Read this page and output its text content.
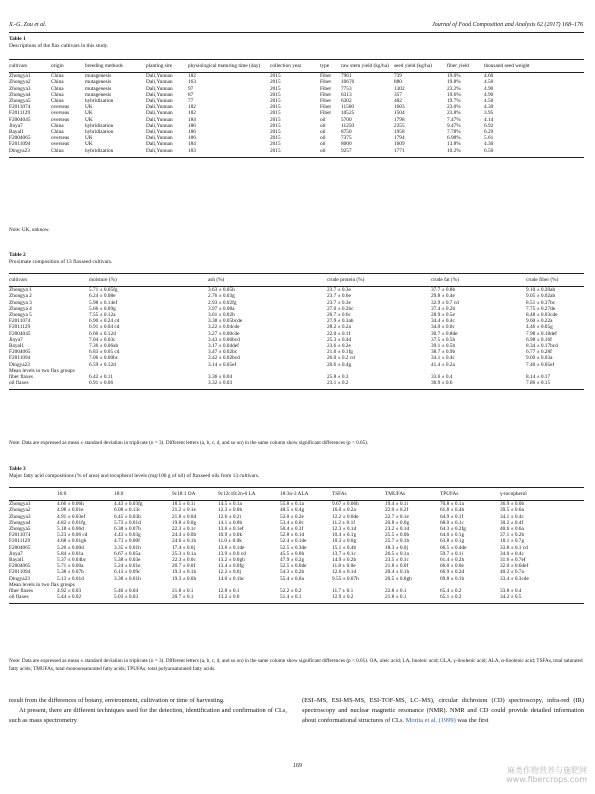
X.-G. Zou et al.	Journal of Food Composition and Analysis 62 (2017) 168–176
Table 1
Descriptions of the flax cultivars in this study.
cultivars	origin	breeding methods	planting site	physiological maturing time (day)	collection year	type	raw stem yield (kg/ha)	seed yield (kg/ha)	fiber yield	thousand seed weight
Zhongya1	China	mutagenesis	Dali,Yunnan	182	2015	Fiber	7961	739	19.0%	4.60
Zhongya2	China	mutagenesis	Dali,Yunnan	163	2015	Fiber	10670	880	19.8%	4.50
Zhongya3	China	mutagenesis	Dali,Yunnan	97	2015	Fiber	7753	1302	23.2%	4.90
Zhongya4	China	mutagenesis	Dali,Yunnan	87	2015	Fiber	6313	357	19.6%	4.90
Zhongya5	China	hybridization	Dali,Yunnan	77	2015	Fiber	6302	482	19.7%	4.50
F2011074	overseas	UK	Dali,Yunnan	182	2015	Fiber	11500	1603	23.0%	4.30
F2011129	overseas	UK	Dali,Yunnan	182	2015	Fiber	10525	1504	23.8%	3.95
F2004045	overseas	UK	Dali,Yunnan	184	2015	oil	5700	1798	7.47%	4.14
Jinya7	China	hybridization	Dali,Yunnan	186	2015	oil	11250	2355	9.47%	6.92
Bayal1	China	hybridization	Dali,Yunnan	186	2015	oil	8750	1958	7.78%	6.29
F2004065	overseas	UK	Dali,Yunnan	186	2015	oil	7375	1794	6.98%	5.61
F2011094	overseas	UK	Dali,Yunnan	184	2015	oil	8000	1609	13.8%	4.30
Dingya23	China	hybridization	Dali,Yunnan	183	2015	oil	9257	1771	10.2%	6.50

Note: UK, unknow.
Table 2
Proximate composition of 13 flaxseed cultivars.
cultivars	moisture (%)	ash (%)	crude protein (%)	crude fat (%)	crude fiber (%)
Zhongya 1	5.71 ± 0.05fg	3.63 ± 0.05b	23.7 ± 0.3e	37.7 ± 0.8b	9.10 ± 0.20ab
Zhongya 2	6.24 ± 0.08e	2.76 ± 0.03g	23.7 ± 0.6e	29.8 ± 0.4e	9.05 ± 0.02ab
Zhongya 3	5.98 ± 0.14ef	2.93 ± 0.02fg	23.7 ± 0.3e	32.9 ± 0.7 cd	8.51 ± 0.37bc
Zhongya 4	5.66 ± 0.09g	3.97 ± 0.08a	27.0 ± 0.2bc	37.4 ± 0.2b	7.75 ± 0.27de
Zhongya 5	7.55 ± 0.12a	3.61 ± 0.02b	26.7 ± 0.6c	28.9 ± 0.5e	8.48 ± 0.03cde
F2011074	6.90 ± 0.24 cd	3.38 ± 0.05bcde	27.9 ± 0.3ab	34.4 ± 0.4c	9.60 ± 0.22a
F2011129	6.91 ± 0.04 cd	3.22 ± 0.04cde	28.2 ± 0.2a	34.0 ± 0.0c	4.46 ± 0.05g
F2004045	6.60 ± 0.12d	3.27 ± 0.00cde	22.0 ± 0.1f	30.7 ± 0.8de	7.98 ± 0.18def
Jinya7	7.04 ± 0.03c	3.43 ± 0.06bcd	25.3 ± 0.4d	37.5 ± 0.5b	6.98 ± 0.16f
Bayal1	7.36 ± 0.06ab	3.17 ± 0.04def	23.6 ± 0.2e	39.1 ± 0.5b	8.34 ± 0.17bcd
F2004065	6.83 ± 0.05 cd	3.47 ± 0.02bc	21.0 ± 0.1fg	38.7 ± 0.9b	6.77 ± 0.28f
F2011094	7.06 ± 0.00bc	3.42 ± 0.02bcd	26.0 ± 0.2 cd	34.1 ± 0.4c	9.69 ± 0.03a
Dingya23	6.59 ± 0.12d	3.14 ± 0.05ef	20.6 ± 0.4g	41.4 ± 0.2a	7.40 ± 0.05ef
Mean levels in two flax groups					
fiber flaxes	6.42 ± 0.11	3.36 ± 0.04	25.8 ± 0.3	33.6 ± 0.4	8.14 ± 0.17
oil flaxes	6.91 ± 0.06	3.32 ± 0.03	23.1 ± 0.2	36.9 ± 0.6	7.86 ± 0.15

Note: Data are expressed as mean ± standard deviation in triplicate (n = 3). Different letters (a, b, c, d, and so on) in the same column show significant differences (p < 0.05).
Table 3
Major fatty acid compositions (% of area) and tocopherol levels (mg/100 g of oil) of flaxseed oils from 13 cultivars.
	16:0	18:0	9c18:1 OA	9c12c18:2n-6 LA	18:3n-3 ALA	TSFAs	TMUFAs	TPUFAs	γ-tocopherol
Zhongya1	4.66 ± 0.06h	4.43 ± 0.03fg	18.5 ± 0.1i	14.5 ± 0.1a	55.8 ± 0.1a	9.67 ± 0.06h	19.4 ± 0.1i	70.8 ± 0.1a	36.9 ± 0.0b
Zhongya2	4.98 ± 0.01e	6.08 ± 0.13c	21.2 ± 0.1e	12.3 ± 0.0h	48.5 ± 0.4g	16.0 ± 0.2a	22.0 ± 0.2f	61.8 ± 0.4h	39.5 ± 0.6a
Zhongya3	4.91 ± 0.03ef	6.45 ± 0.03b	21.8 ± 0.0d	12.6 ± 0.2i	52.0 ± 0.2e	12.2 ± 0.0de	22.7 ± 0.1e	64.9 ± 0.1f	34.1 ± 0.4c
Zhongya4	4.82 ± 0.01fg	5.73 ± 0.01d	19.8 ± 0.0g	14.1 ± 0.0b	53.4 ± 0.0c	11.2 ± 0.1f	20.8 ± 0.0g	68.0 ± 0.1c	30.2 ± 0.4f
Zhongya5	5.18 ± 0.06d	6.38 ± 0.07b	22.3 ± 0.1c	13.6 ± 0.1ef	50.4 ± 0.3f	12.3 ± 0.1d	23.2 ± 0.1d	64.3 ± 0.2fg	40.6 ± 0.6a
F2011074	5.23 ± 0.06 cd	4.43 ± 0.03g	24.4 ± 0.0b	10.9 ± 0.0k	52.8 ± 0.1d	10.4 ± 0.1g	25.5 ± 0.0b	64.0 ± 0.1g	37.1 ± 0.2b
F2011129	4.68 ± 0.01gh	4.73 ± 0.00f	24.6 ± 0.1b	11.0 ± 0.0k	52.4 ± 0.1de	10.3 ± 0.0g	25.7 ± 0.1b	63.8 ± 0.1g	18.1 ± 0.7g
F2004065	5.20 ± 0.00d	3.35 ± 0.01h	17.4 ± 0.0j	13.6 ± 0.1de	52.5 ± 0.3de	15.1 ± 0.4b	18.3 ± 0.0j	66.5 ± 0.4de	33.8 ± 0.1 cd
Jinya7	5.84 ± 0.01a	6.67 ± 0.05a	25.3 ± 0.1a	13.9 ± 0.0 cd	45.5 ± 0.0h	13.7 ± 0.1c	26.5 ± 0.1a	59.7 ± 0.1i	34.0 ± 0.4c
Bayal1	5.37 ± 0.04bc	5.38 ± 0.03e	22.3 ± 0.0c	13.2 ± 0.0gh	47.9 ± 0.2g	14.9 ± 0.2b	23.5 ± 0.1c	61.4 ± 0.2h	31.6 ± 0.7ef
F2004065	5.71 ± 0.00a	5.24 ± 0.01e	20.7 ± 0.0f	13.4 ± 0.0fg	52.5 ± 0.0de	11.8 ± 0.0e	21.8 ± 0.0f	66.0 ± 0.0e	32.0 ± 0.6def
F2011094	5.38 ± 0.07b	6.13 ± 0.09c	19.3 ± 0.1h	12.2 ± 0.0j	54.3 ± 0.2b	12.6 ± 0.1d	20.4 ± 0.1h	66.9 ± 0.2d	40.2 ± 0.7a
Dingya23	5.13 ± 0.01d	3.38 ± 0.01h	19.3 ± 0.0h	14.0 ± 0.1bc	55.4 ± 0.0a	9.55 ± 0.07h	20.5 ± 0.0gh	69.8 ± 0.1b	33.4 ± 0.3cde
Mean levels in two flax groups									
fiber flaxes	4.92 ± 0.03	5.46 ± 0.04	21.8 ± 0.1	12.8 ± 0.1	52.2 ± 0.2	11.7 ± 0.1	22.8 ± 0.1	65.4 ± 0.2	33.8 ± 0.4
oil flaxes	5.44 ± 0.02	5.03 ± 0.03	20.7 ± 0.1	13.2 ± 0.0	51.4 ± 0.1	12.9 ± 0.2	21.8 ± 0.1	65.1 ± 0.2	34.2 ± 0.5

Note: Data are expressed as mean ± standard deviation in triplicate (n = 3). Different letters (a, b, c, d, and so on) in the same column show significant differences (p < 0.05). OA, oleic acid; LA, linoleic acid; GLA, γ-linolenic acid; ALA, α-linolenic acid; TSFAs, total saturated fatty acids; TMUFAs, total monounsaturated fatty acids; TPUFAs, total polyunsaturated fatty acids.
result from the differences of botany, environment, cultivation or time of harvesting.
At present, there are different techniques used for the detection, identification and confirmation of CLs, such as mass spectrometry
(ESI–MS, ESI-MS-MS, ESI-TOF-MS, LC–MS), circular dichroism (CD) spectroscopy, infra-red (IR) spectroscopy and nuclear magnetic resonance (NMR). NMR and CD could provide detailed information about conformational structures of CLs. Morita et al. (1999) was the first
169	麻类作物营养与施肥网
www.fibercrops.com
